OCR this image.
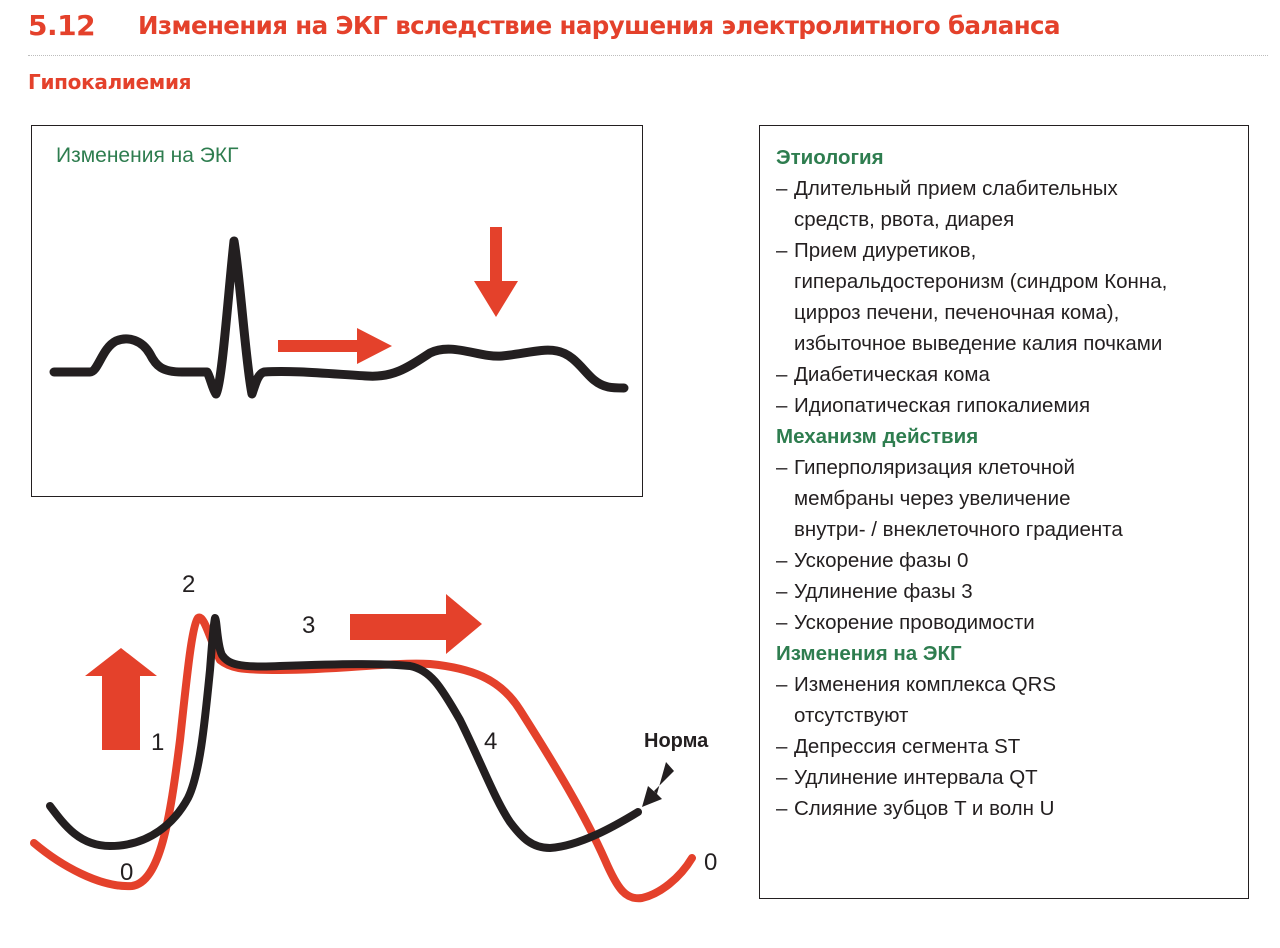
5.12	Изменения на ЭКГ вследствие нарушения электролитного баланса
Гипокалиемия
Изменения на ЭКГ
0
1
2
3
4
0
Норма
Этиология
– Длительный прием слабительных
средств, рвота, диарея
– Прием диуретиков,
гиперальдостеронизм (синдром Конна,
цирроз печени, печеночная кома),
избыточное выведение калия почками
– Диабетическая кома
– Идиопатическая гипокалиемия
Механизм действия
– Гиперполяризация клеточной
мембраны через увеличение
внутри- / внеклеточного градиента
– Ускорение фазы 0
– Удлинение фазы 3
– Ускорение проводимости
Изменения на ЭКГ
– Изменения комплекса QRS
отсутствуют
– Депрессия сегмента ST
– Удлинение интервала QT
– Слияние зубцов T и волн U
